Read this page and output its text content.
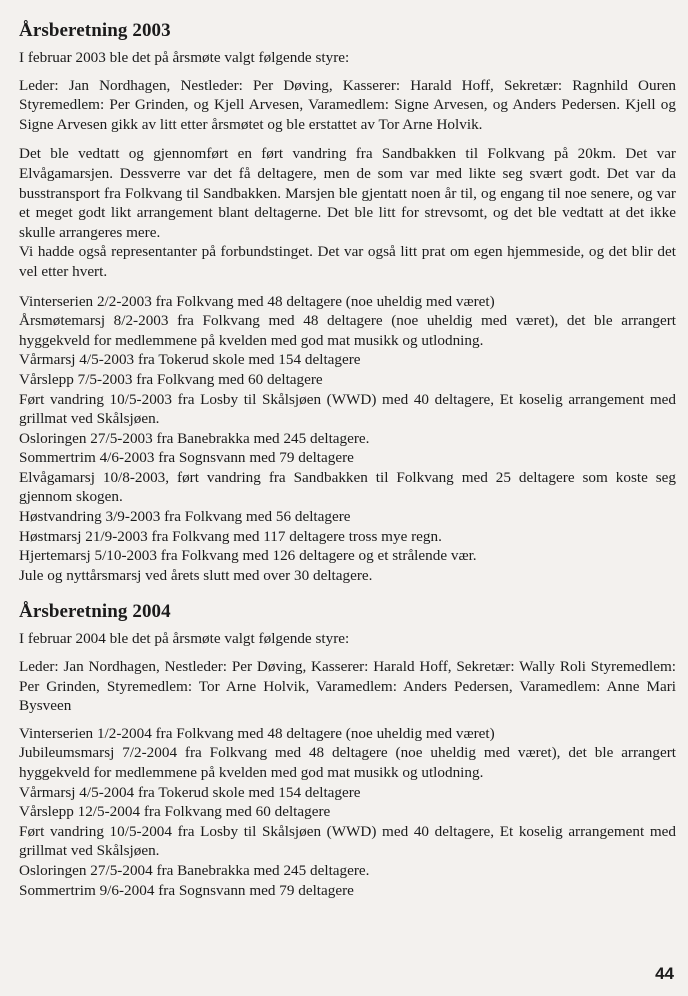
Årsberetning 2003

I februar 2003 ble det på årsmøte valgt følgende styre:

Leder: Jan Nordhagen, Nestleder: Per Døving, Kasserer: Harald Hoff, Sekretær: Ragnhild Ouren Styremedlem: Per Grinden, og Kjell Arvesen, Varamedlem: Signe Arvesen, og Anders Pedersen. Kjell og Signe Arvesen gikk av litt etter årsmøtet og ble erstattet av Tor Arne Holvik.

Det ble vedtatt og gjennomført en ført vandring fra Sandbakken til Folkvang på 20km. Det var Elvågamarsjen. Dessverre var det få deltagere, men de som var med likte seg svært godt. Det var da busstransport fra Folkvang til Sandbakken. Marsjen ble gjentatt noen år til, og engang til noe senere, og var et meget godt likt arrangement blant deltagerne. Det ble litt for strevsomt, og det ble vedtatt at det ikke skulle arrangeres mere.

Vi hadde også representanter på forbundstinget. Det var også litt prat om egen hjemmeside, og det blir det vel etter hvert.

Vinterserien 2/2-2003 fra Folkvang med 48 deltagere (noe uheldig med været)

Årsmøtemarsj 8/2-2003 fra Folkvang med 48 deltagere (noe uheldig med været), det ble arrangert hyggekveld for medlemmene på kvelden med god mat musikk og utlodning.

Vårmarsj 4/5-2003 fra Tokerud skole med 154 deltagere

Vårslepp 7/5-2003 fra Folkvang med 60 deltagere

Ført vandring 10/5-2003 fra Losby til Skålsjøen (WWD) med 40 deltagere, Et koselig arrangement med grillmat ved Skålsjøen.

Osloringen 27/5-2003 fra Banebrakka med 245 deltagere.

Sommertrim 4/6-2003 fra Sognsvann med 79 deltagere

Elvågamarsj 10/8-2003, ført vandring fra Sandbakken til Folkvang med 25 deltagere som koste seg gjennom skogen.

Høstvandring 3/9-2003 fra Folkvang med 56 deltagere

Høstmarsj 21/9-2003 fra Folkvang med 117 deltagere tross mye regn.

Hjertemarsj 5/10-2003 fra Folkvang med 126 deltagere og et strålende vær.

Jule og nyttårsmarsj ved årets slutt med over 30 deltagere.

Årsberetning 2004

I februar 2004 ble det på årsmøte valgt følgende styre:

Leder: Jan Nordhagen, Nestleder: Per Døving, Kasserer: Harald Hoff, Sekretær: Wally Roli Styremedlem: Per Grinden, Styremedlem: Tor Arne Holvik, Varamedlem: Anders Pedersen, Varamedlem: Anne Mari Bysveen

Vinterserien 1/2-2004 fra Folkvang med 48 deltagere (noe uheldig med været)

Jubileumsmarsj 7/2-2004 fra Folkvang med 48 deltagere (noe uheldig med været), det ble arrangert hyggekveld for medlemmene på kvelden med god mat musikk og utlodning.

Vårmarsj 4/5-2004 fra Tokerud skole med 154 deltagere

Vårslepp 12/5-2004 fra Folkvang med 60 deltagere

Ført vandring 10/5-2004 fra Losby til Skålsjøen (WWD) med 40 deltagere, Et koselig arrangement med grillmat ved Skålsjøen.

Osloringen 27/5-2004 fra Banebrakka med 245 deltagere.

Sommertrim 9/6-2004 fra Sognsvann med 79 deltagere

44
